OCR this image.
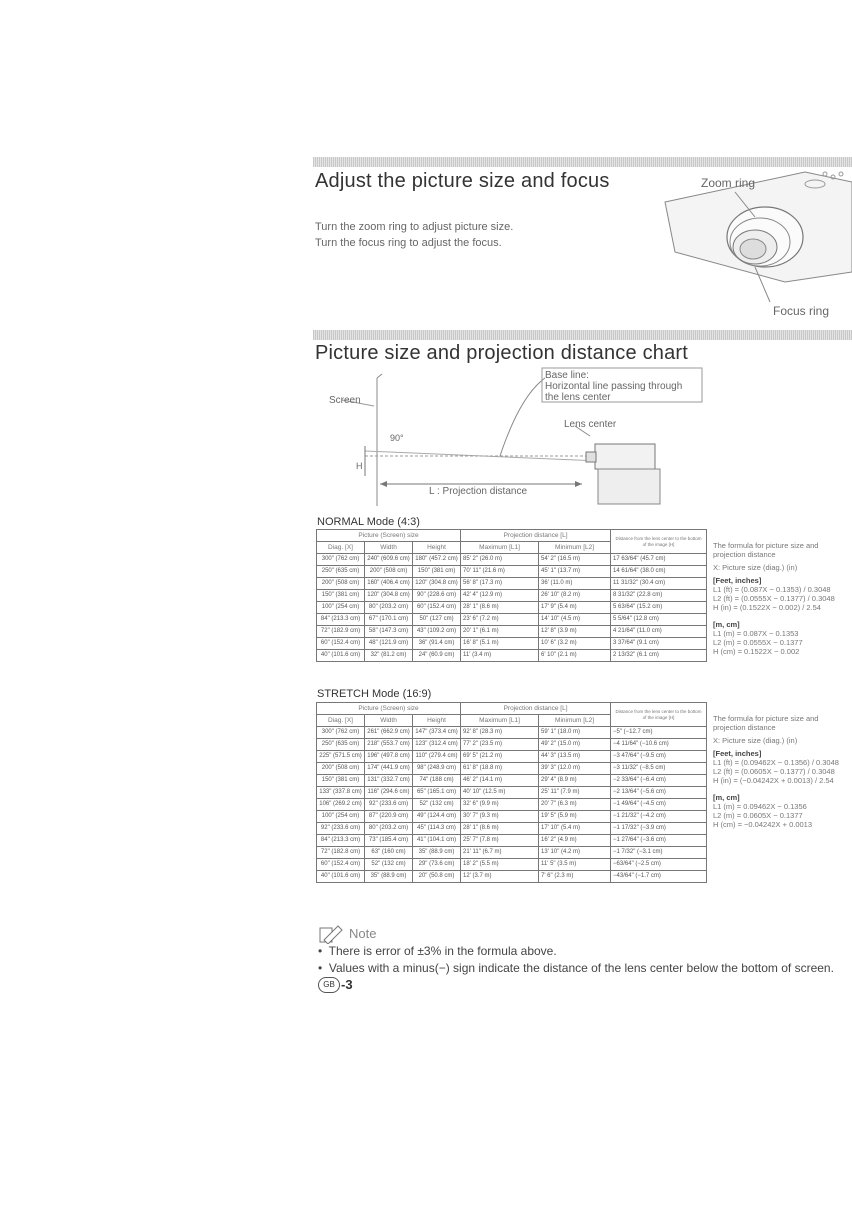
Adjust the picture size and focus
Turn the zoom ring to adjust picture size.
Turn the focus ring to adjust the focus.
Zoom ring
Focus ring
Picture size and projection distance chart
Screen
Base line:
Horizontal line passing through
the lens center
Lens center
90°
H
L : Projection distance
NORMAL Mode (4:3)
Picture (Screen) size			Projection distance [L]		Distance from the lens center to the bottom of the image [H]
Diag. [X]	Width	Height	Maximum [L1]	Minimum [L2]	
300" (762 cm)	240" (609.6 cm)	180" (457.2 cm)	85' 2" (26.0 m)	54' 2" (16.5 m)	17 63/64" (45.7 cm)
250" (635 cm)	200" (508 cm)	150" (381 cm)	70' 11" (21.6 m)	45' 1" (13.7 m)	14 61/64" (38.0 cm)
200" (508 cm)	160" (406.4 cm)	120" (304.8 cm)	56' 8" (17.3 m)	36' (11.0 m)	11 31/32" (30.4 cm)
150" (381 cm)	120" (304.8 cm)	90" (228.6 cm)	42' 4" (12.9 m)	26' 10" (8.2 m)	8 31/32" (22.8 cm)
100" (254 cm)	80" (203.2 cm)	60" (152.4 cm)	28' 1" (8.6 m)	17' 9" (5.4 m)	5 63/64" (15.2 cm)
84" (213.3 cm)	67" (170.1 cm)	50" (127 cm)	23' 6" (7.2 m)	14' 10" (4.5 m)	5 5/64" (12.8 cm)
72" (182.9 cm)	58" (147.3 cm)	43" (109.2 cm)	20' 1" (6.1 m)	12' 8" (3.9 m)	4 21/64" (11.0 cm)
60" (152.4 cm)	48" (121.9 cm)	36" (91.4 cm)	16' 8" (5.1 m)	10' 6" (3.2 m)	3 37/64" (9.1 cm)
40" (101.6 cm)	32" (81.2 cm)	24" (60.9 cm)	11' (3.4 m)	6' 10" (2.1 m)	2 13/32" (6.1 cm)
The formula for picture size and
projection distance
X: Picture size (diag.) (in)
[Feet, inches]
L1 (ft) = (0.087X − 0.1353) / 0.3048
L2 (ft) = (0.0555X − 0.1377) / 0.3048
H (in) = (0.1522X − 0.002) / 2.54
[m, cm]
L1 (m) = 0.087X − 0.1353
L2 (m) = 0.0555X − 0.1377
H (cm) = 0.1522X − 0.002
STRETCH Mode (16:9)
Picture (Screen) size			Projection distance [L]		Distance from the lens center to the bottom of the image [H]
Diag. [X]	Width	Height	Maximum [L1]	Minimum [L2]	
300" (762 cm)	261" (662.9 cm)	147" (373.4 cm)	92' 8" (28.3 m)	59' 1" (18.0 m)	−5" (−12.7 cm)
250" (635 cm)	218" (553.7 cm)	123" (312.4 cm)	77' 2" (23.5 m)	49' 2" (15.0 m)	−4 11/64" (−10.6 cm)
225" (571.5 cm)	196" (497.8 cm)	110" (279.4 cm)	69' 5" (21.2 m)	44' 3" (13.5 m)	−3 47/64" (−9.5 cm)
200" (508 cm)	174" (441.9 cm)	98" (248.9 cm)	61' 8" (18.8 m)	39' 3" (12.0 m)	−3 11/32" (−8.5 cm)
150" (381 cm)	131" (332.7 cm)	74" (188 cm)	46' 2" (14.1 m)	29' 4" (8.9 m)	−2 33/64" (−6.4 cm)
133" (337.8 cm)	116" (294.6 cm)	65" (165.1 cm)	40' 10" (12.5 m)	25' 11" (7.9 m)	−2 13/64" (−5.6 cm)
106" (269.2 cm)	92" (233.6 cm)	52" (132 cm)	32' 6" (9.9 m)	20' 7" (6.3 m)	−1 49/64" (−4.5 cm)
100" (254 cm)	87" (220.9 cm)	49" (124.4 cm)	30' 7" (9.3 m)	19' 5" (5.9 m)	−1 21/32" (−4.2 cm)
92" (233.6 cm)	80" (203.2 cm)	45" (114.3 cm)	28' 1" (8.6 m)	17' 10" (5.4 m)	−1 17/32" (−3.9 cm)
84" (213.3 cm)	73" (185.4 cm)	41" (104.1 cm)	25' 7" (7.8 m)	16' 2" (4.9 m)	−1 27/64" (−3.6 cm)
72" (182.8 cm)	63" (160 cm)	35" (88.9 cm)	21' 11" (6.7 m)	13' 10" (4.2 m)	−1 7/32" (−3.1 cm)
60" (152.4 cm)	52" (132 cm)	29" (73.6 cm)	18' 2" (5.5 m)	11' 5" (3.5 m)	−63/64" (−2.5 cm)
40" (101.6 cm)	35" (88.9 cm)	20" (50.8 cm)	12' (3.7 m)	7' 6" (2.3 m)	−43/64" (−1.7 cm)
The formula for picture size and
projection distance
X: Picture size (diag.) (in)
[Feet, inches]
L1 (ft) = (0.09462X − 0.1356) / 0.3048
L2 (ft) = (0.0605X − 0.1377) / 0.3048
H (in) = (−0.04242X + 0.0013) / 2.54
[m, cm]
L1 (m) = 0.09462X − 0.1356
L2 (m) = 0.0605X − 0.1377
H (cm) = −0.04242X + 0.0013
Note
•  There is error of ±3% in the formula above.
•  Values with a minus(−) sign indicate the distance of the lens center below the bottom of screen.
GB -3
